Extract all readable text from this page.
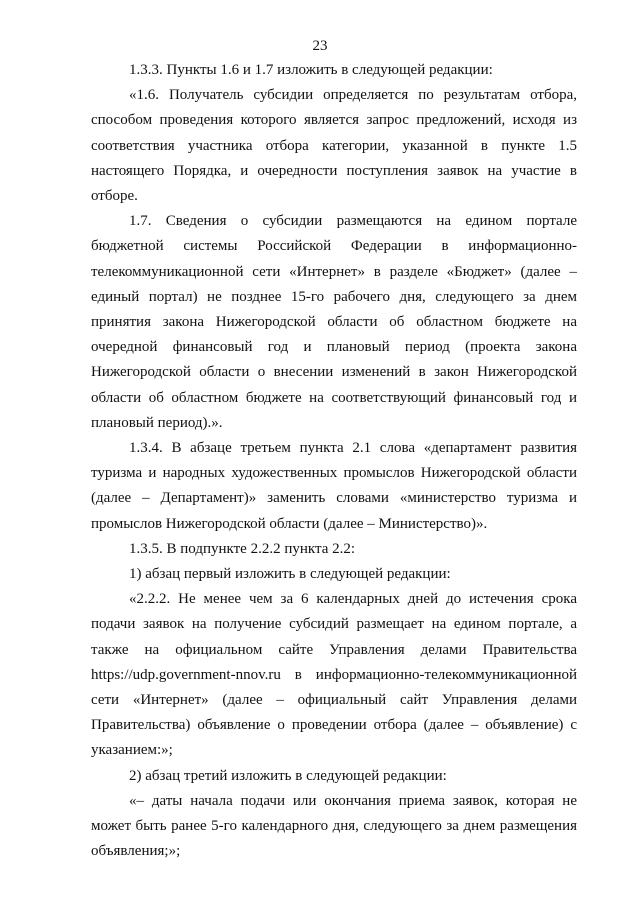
23

1.3.3. Пункты 1.6 и 1.7 изложить в следующей редакции:

«1.6. Получатель субсидии определяется по результатам отбора, способом проведения которого является запрос предложений, исходя из соответствия участника отбора категории, указанной в пункте 1.5 настоящего Порядка, и очередности поступления заявок на участие в отборе.

1.7. Сведения о субсидии размещаются на едином портале бюджетной системы Российской Федерации в информационно-телекоммуникационной сети «Интернет» в разделе «Бюджет» (далее – единый портал) не позднее 15-го рабочего дня, следующего за днем принятия закона Нижегородской области об областном бюджете на очередной финансовый год и плановый период (проекта закона Нижегородской области о внесении изменений в закон Нижегородской области об областном бюджете на соответствующий финансовый год и плановый период).».

1.3.4. В абзаце третьем пункта 2.1 слова «департамент развития туризма и народных художественных промыслов Нижегородской области (далее – Департамент)» заменить словами «министерство туризма и промыслов Нижегородской области (далее – Министерство)».

1.3.5. В подпункте 2.2.2 пункта 2.2:

1) абзац первый изложить в следующей редакции:

«2.2.2. Не менее чем за 6 календарных дней до истечения срока подачи заявок на получение субсидий размещает на едином портале, а также на официальном сайте Управления делами Правительства https://udp.government-nnov.ru в информационно-телекоммуникационной сети «Интернет» (далее – официальный сайт Управления делами Правительства) объявление о проведении отбора (далее – объявление) с указанием:»;

2) абзац третий изложить в следующей редакции:

«– даты начала подачи или окончания приема заявок, которая не может быть ранее 5-го календарного дня, следующего за днем размещения объявления;»;
